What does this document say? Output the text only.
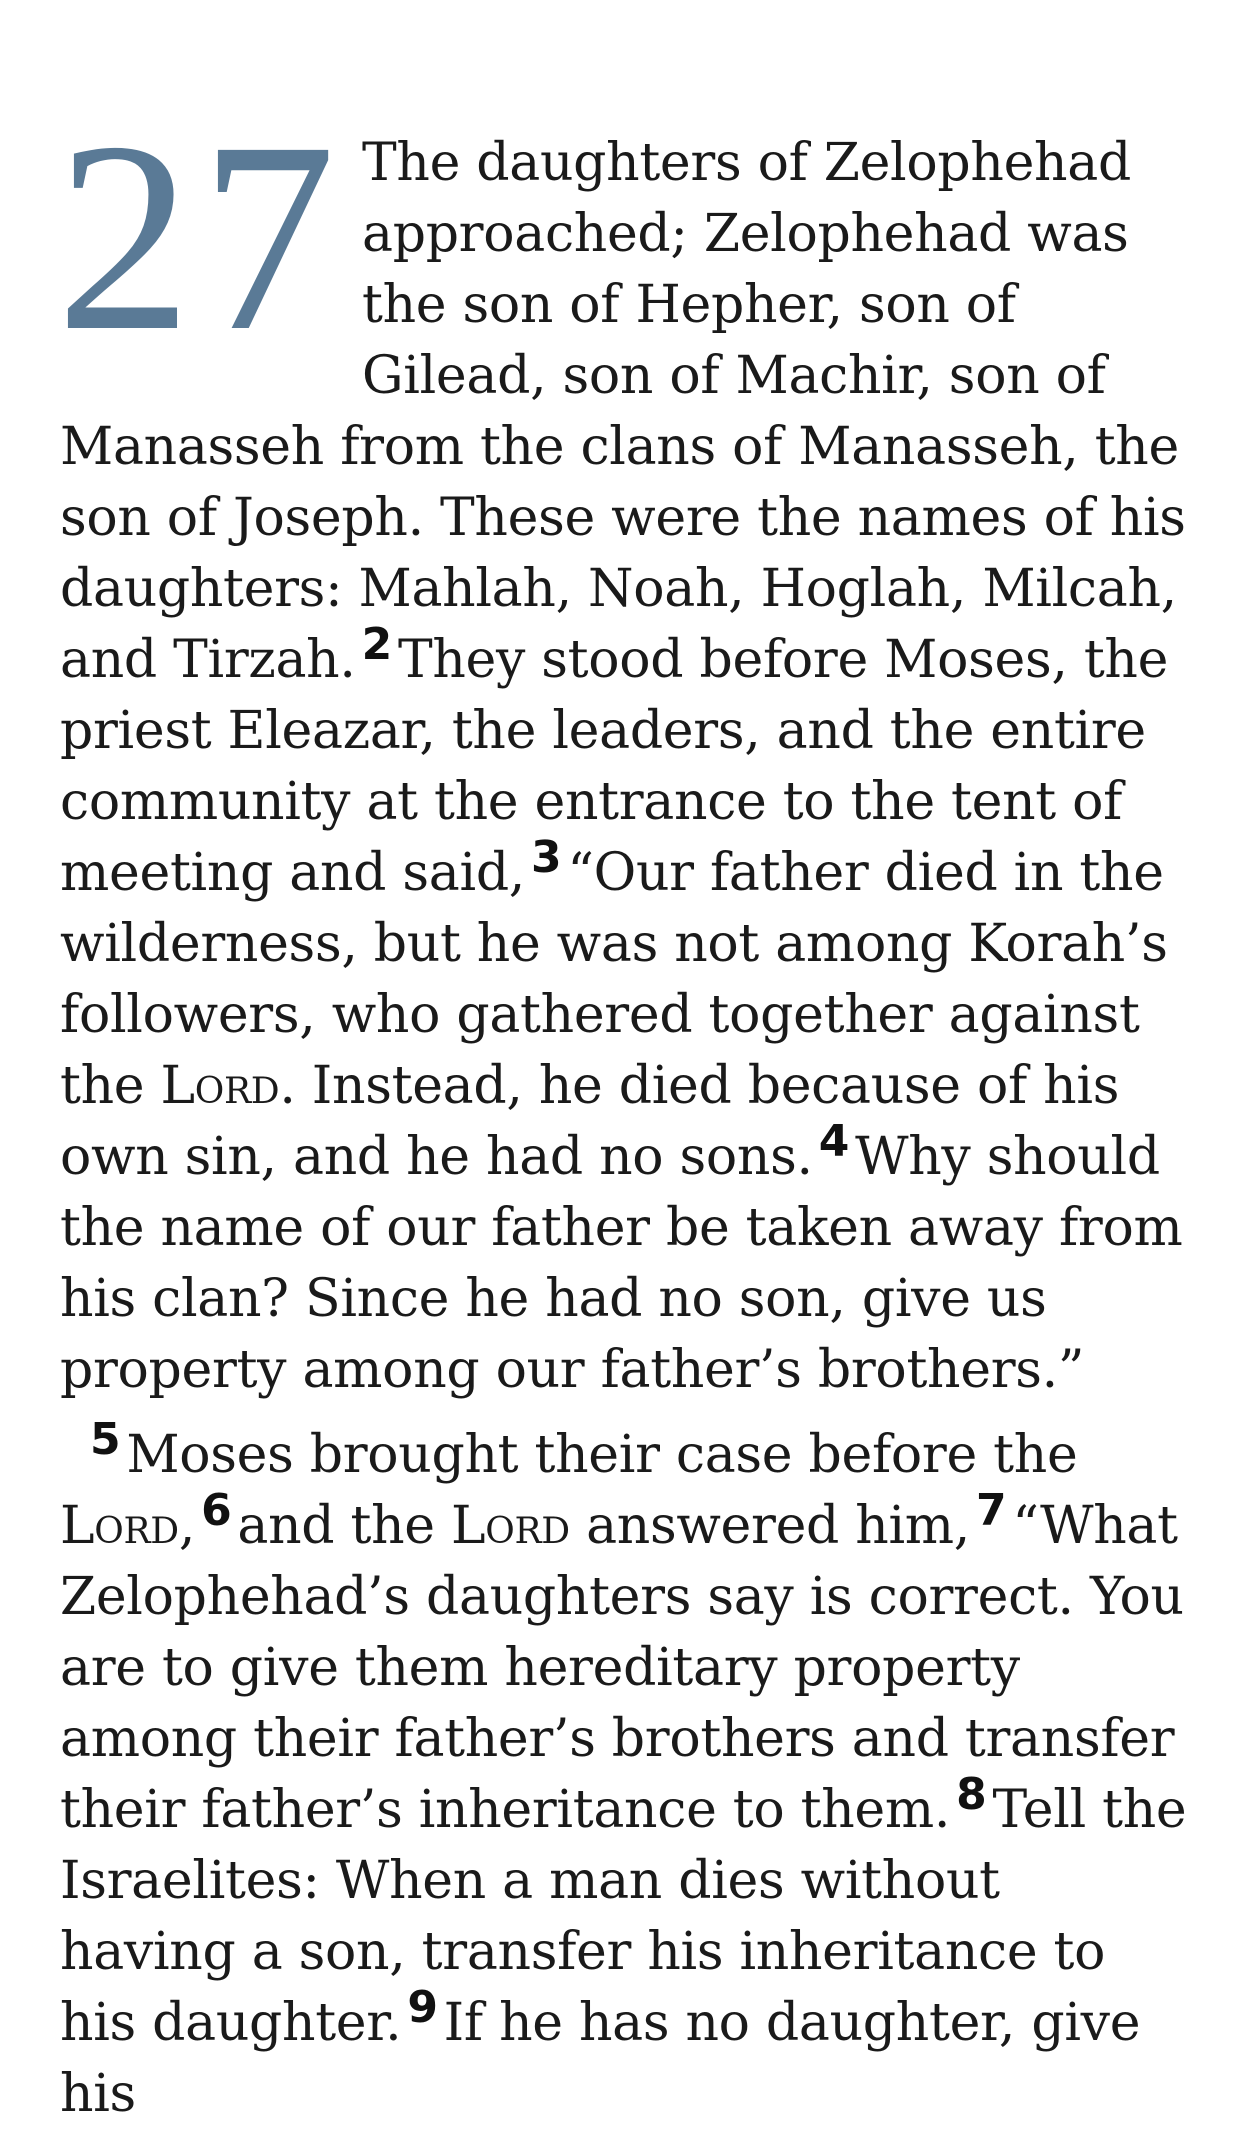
27 The daughters of Zelophehad approached; Zelophehad was the son of Hepher, son of Gilead, son of Machir, son of Manasseh from the clans of Manasseh, the son of Joseph. These were the names of his daughters: Mahlah, Noah, Hoglah, Milcah, and Tirzah. $^2$ They stood before Moses, the priest Eleazar, the leaders, and the entire community at the entrance to the tent of meeting and said, $^3$ “Our father died in the wilderness, but he was not among Korah’s followers, who gathered together against the Lord. Instead, he died because of his own sin, and he had no sons. $^4$ Why should the name of our father be taken away from his clan? Since he had no son, give us property among our father’s brothers.”

$^5$ Moses brought their case before the Lord, $^6$ and the Lord answered him, $^7$ “What Zelophehad’s daughters say is correct. You are to give them hereditary property among their father’s brothers and transfer their father’s inheritance to them. $^8$ Tell the Israelites: When a man dies without having a son, transfer his inheritance to his daughter. $^9$ If he has no daughter, give his
